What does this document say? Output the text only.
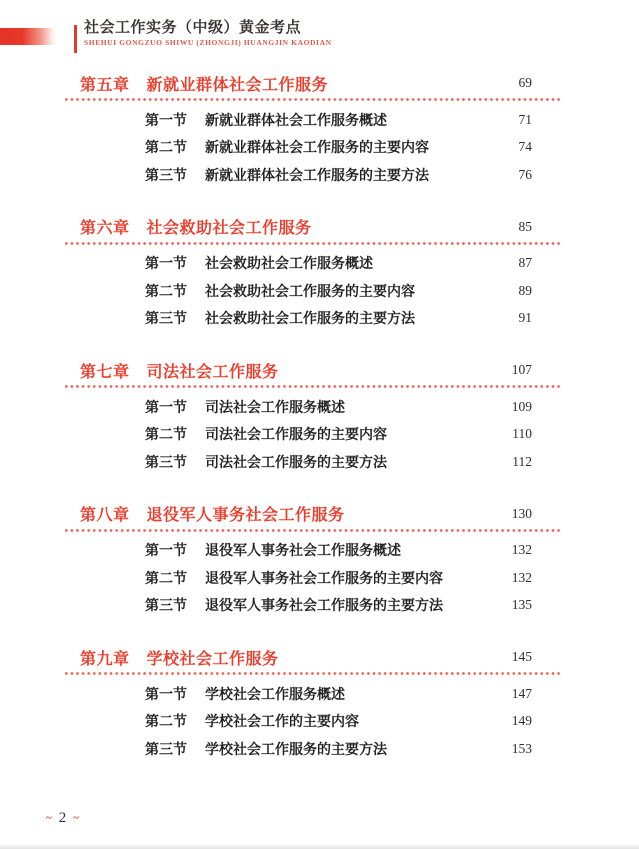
社会工作实务（中级）黄金考点
SHEHUI GONGZUO SHIWU (ZHONGJI) HUANGJIN KAODIAN
第五章 新就业群体社会工作服务	69
第一节 新就业群体社会工作服务概述	71
第二节 新就业群体社会工作服务的主要内容	74
第三节 新就业群体社会工作服务的主要方法	76
第六章 社会救助社会工作服务	85
第一节 社会救助社会工作服务概述	87
第二节 社会救助社会工作服务的主要内容	89
第三节 社会救助社会工作服务的主要方法	91
第七章 司法社会工作服务	107
第一节 司法社会工作服务概述	109
第二节 司法社会工作服务的主要内容	110
第三节 司法社会工作服务的主要方法	112
第八章 退役军人事务社会工作服务	130
第一节 退役军人事务社会工作服务概述	132
第二节 退役军人事务社会工作服务的主要内容	132
第三节 退役军人事务社会工作服务的主要方法	135
第九章 学校社会工作服务	145
第一节 学校社会工作服务概述	147
第二节 学校社会工作的主要内容	149
第三节 学校社会工作服务的主要方法	153
~ 2 ~
